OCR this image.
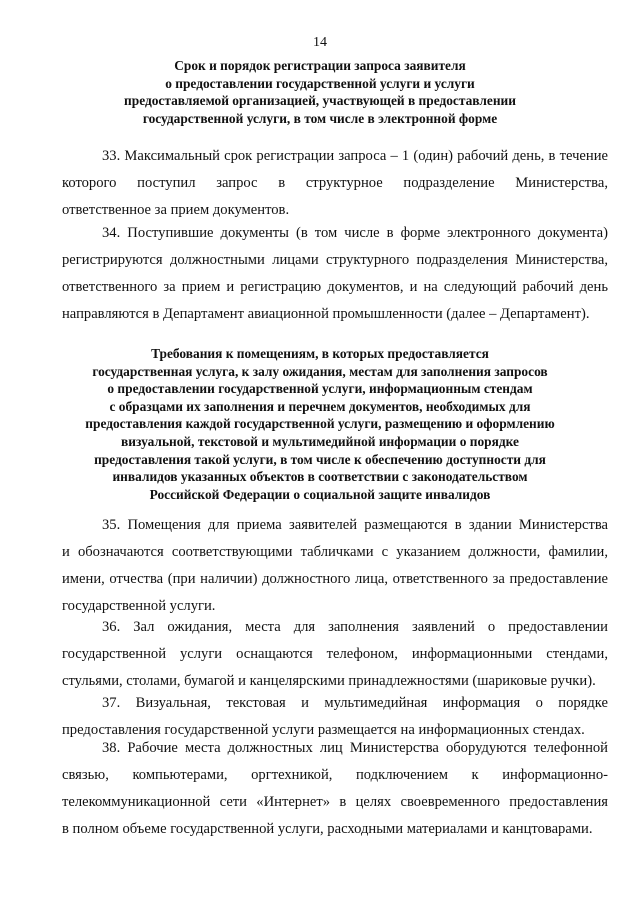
14
Срок и порядок регистрации запроса заявителя
о предоставлении государственной услуги и услуги
предоставляемой организацией, участвующей в предоставлении
государственной услуги, в том числе в электронной форме
33. Максимальный срок регистрации запроса – 1 (один) рабочий день, в течение
которого поступил запрос в структурное подразделение Министерства,
ответственное за прием документов.
34. Поступившие документы (в том числе в форме электронного документа)
регистрируются должностными лицами структурного подразделения Министерства,
ответственного за прием и регистрацию документов, и на следующий рабочий день
направляются в Департамент авиационной промышленности (далее – Департамент).
Требования к помещениям, в которых предоставляется
государственная услуга, к залу ожидания, местам для заполнения запросов
о предоставлении государственной услуги, информационным стендам
с образцами их заполнения и перечнем документов, необходимых для
предоставления каждой государственной услуги, размещению и оформлению
визуальной, текстовой и мультимедийной информации о порядке
предоставления такой услуги, в том числе к обеспечению доступности для
инвалидов указанных объектов в соответствии с законодательством
Российской Федерации о социальной защите инвалидов
35. Помещения для приема заявителей размещаются в здании Министерства
и обозначаются соответствующими табличками с указанием должности, фамилии,
имени, отчества (при наличии) должностного лица, ответственного за предоставление
государственной услуги.
36. Зал ожидания, места для заполнения заявлений о предоставлении
государственной услуги оснащаются телефоном, информационными стендами,
стульями, столами, бумагой и канцелярскими принадлежностями (шариковые ручки).
37. Визуальная, текстовая и мультимедийная информация о порядке
предоставления государственной услуги размещается на информационных стендах.
38. Рабочие места должностных лиц Министерства оборудуются телефонной
связью, компьютерами, оргтехникой, подключением к информационно-
телекоммуникационной сети «Интернет» в целях своевременного предоставления
в полном объеме государственной услуги, расходными материалами и канцтоварами.
